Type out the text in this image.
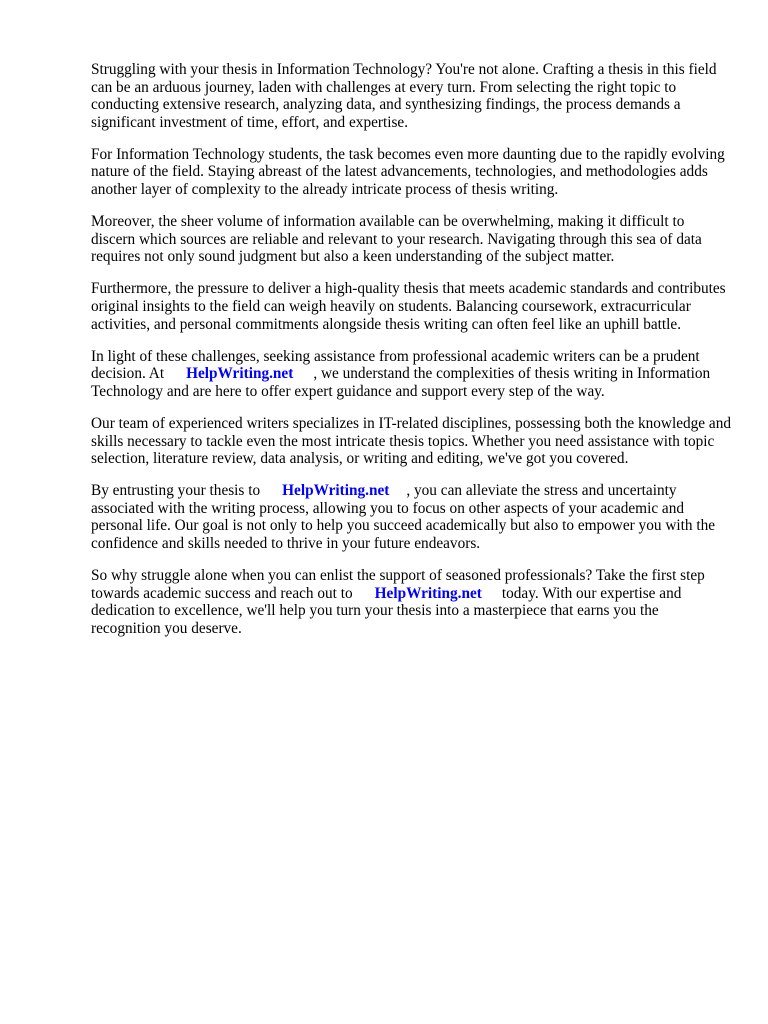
Struggling with your thesis in Information Technology? You're not alone. Crafting a thesis in this field can be an arduous journey, laden with challenges at every turn. From selecting the right topic to conducting extensive research, analyzing data, and synthesizing findings, the process demands a significant investment of time, effort, and expertise.

For Information Technology students, the task becomes even more daunting due to the rapidly evolving nature of the field. Staying abreast of the latest advancements, technologies, and methodologies adds another layer of complexity to the already intricate process of thesis writing.

Moreover, the sheer volume of information available can be overwhelming, making it difficult to discern which sources are reliable and relevant to your research. Navigating through this sea of data requires not only sound judgment but also a keen understanding of the subject matter.

Furthermore, the pressure to deliver a high-quality thesis that meets academic standards and contributes original insights to the field can weigh heavily on students. Balancing coursework, extracurricular activities, and personal commitments alongside thesis writing can often feel like an uphill battle.

In light of these challenges, seeking assistance from professional academic writers can be a prudent decision. At HelpWriting.net , we understand the complexities of thesis writing in Information Technology and are here to offer expert guidance and support every step of the way.

Our team of experienced writers specializes in IT-related disciplines, possessing both the knowledge and skills necessary to tackle even the most intricate thesis topics. Whether you need assistance with topic selection, literature review, data analysis, or writing and editing, we've got you covered.

By entrusting your thesis to HelpWriting.net , you can alleviate the stress and uncertainty associated with the writing process, allowing you to focus on other aspects of your academic and personal life. Our goal is not only to help you succeed academically but also to empower you with the confidence and skills needed to thrive in your future endeavors.

So why struggle alone when you can enlist the support of seasoned professionals? Take the first step towards academic success and reach out to HelpWriting.net today. With our expertise and dedication to excellence, we'll help you turn your thesis into a masterpiece that earns you the recognition you deserve.
